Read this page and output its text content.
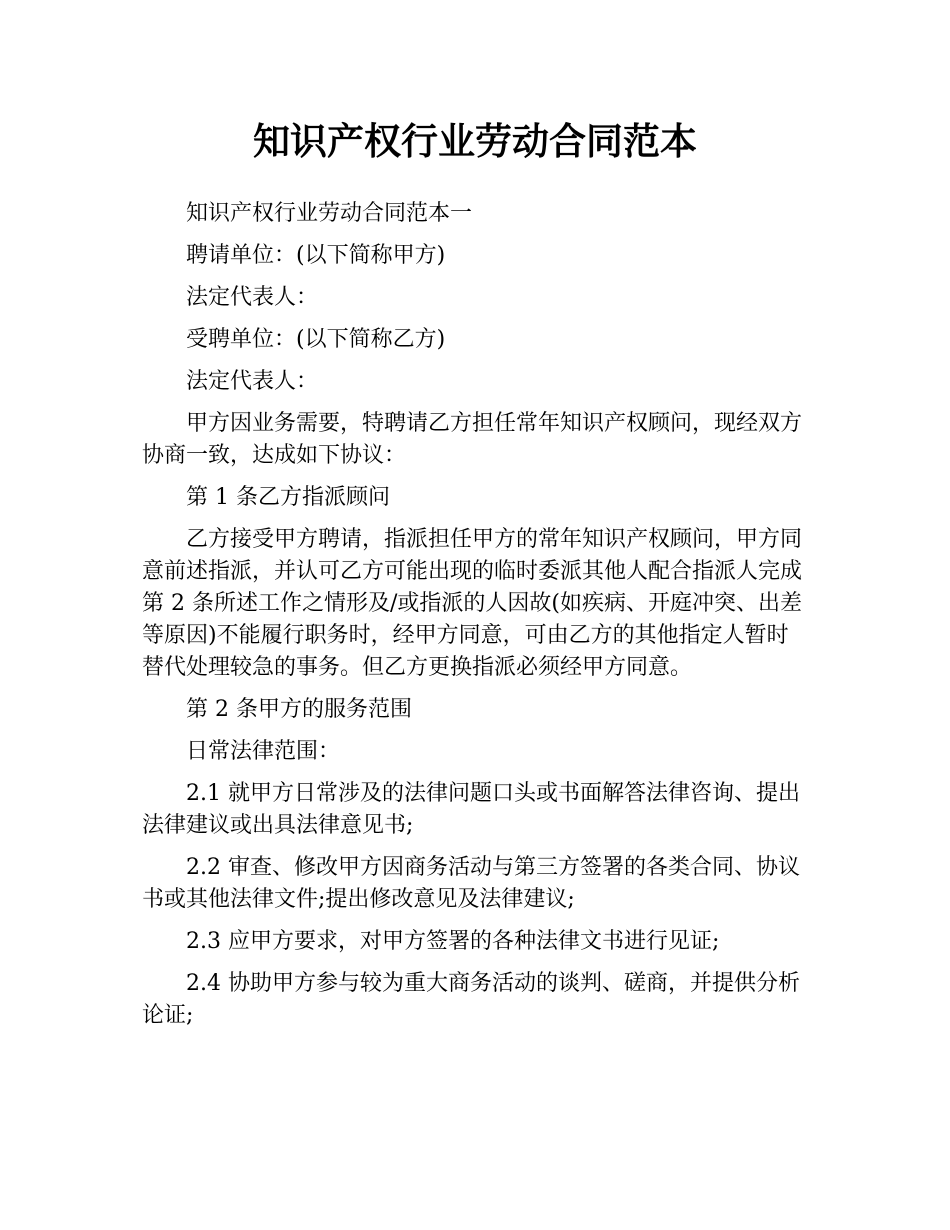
知识产权行业劳动合同范本

知识产权行业劳动合同范本一

聘请单位：(以下简称甲方)

法定代表人：

受聘单位：(以下简称乙方)

法定代表人：

甲方因业务需要，特聘请乙方担任常年知识产权顾问，现经双方协商一致，达成如下协议：

第 1 条乙方指派顾问

乙方接受甲方聘请，指派担任甲方的常年知识产权顾问，甲方同意前述指派，并认可乙方可能出现的临时委派其他人配合指派人完成第 2 条所述工作之情形及/或指派的人因故(如疾病、开庭冲突、出差等原因)不能履行职务时，经甲方同意，可由乙方的其他指定人暂时替代处理较急的事务。但乙方更换指派必须经甲方同意。

第 2 条甲方的服务范围

日常法律范围：

2.1 就甲方日常涉及的法律问题口头或书面解答法律咨询、提出法律建议或出具法律意见书;

2.2 审查、修改甲方因商务活动与第三方签署的各类合同、协议书或其他法律文件;提出修改意见及法律建议;

2.3 应甲方要求，对甲方签署的各种法律文书进行见证;

2.4 协助甲方参与较为重大商务活动的谈判、磋商，并提供分析论证;
